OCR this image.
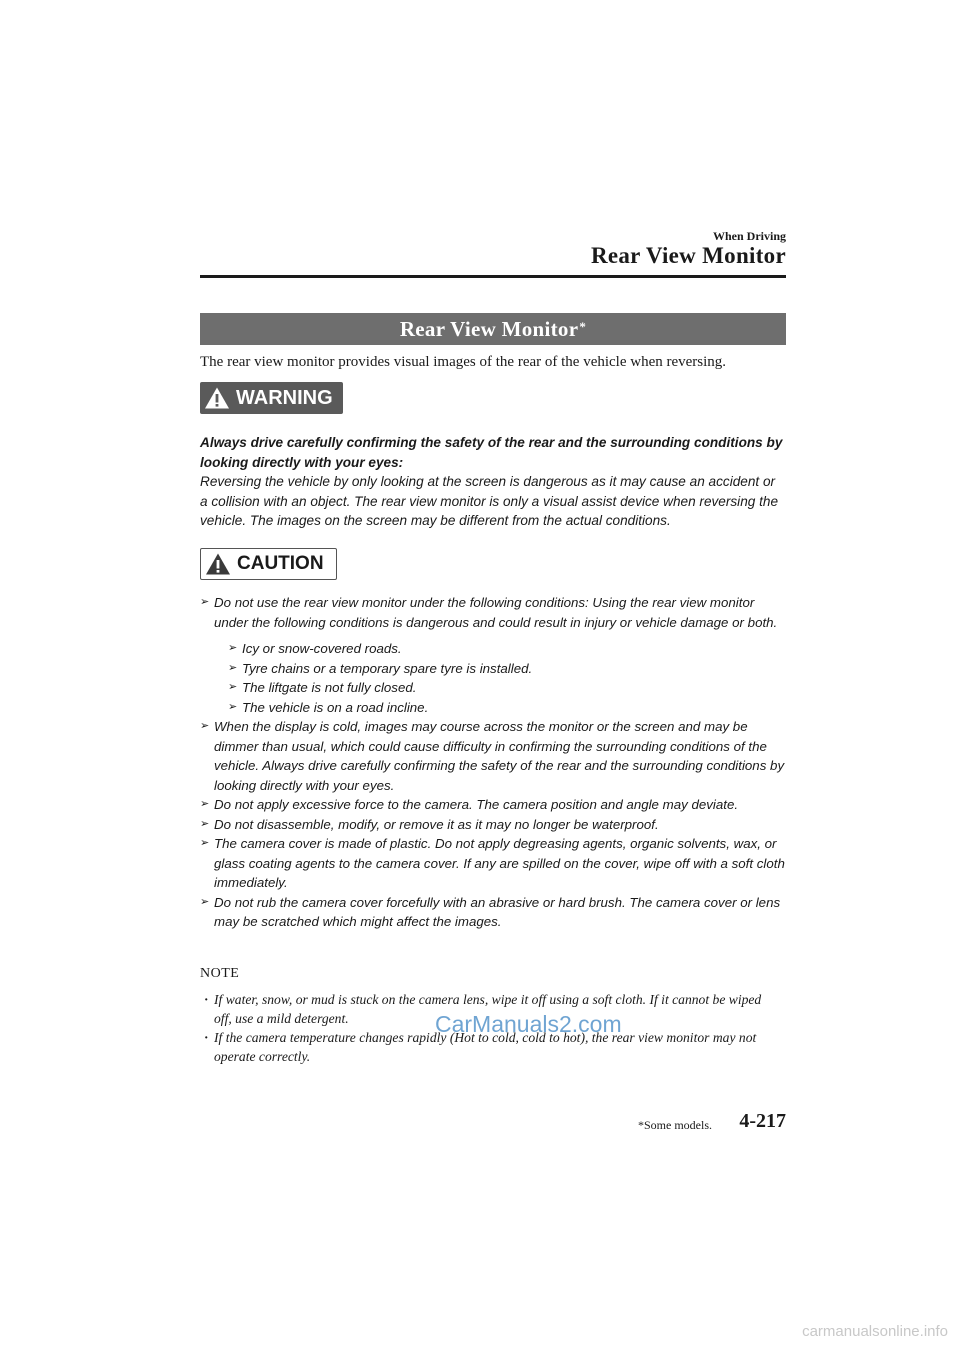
When Driving
Rear View Monitor
Rear View Monitor*
The rear view monitor provides visual images of the rear of the vehicle when reversing.
WARNING

Always drive carefully confirming the safety of the rear and the surrounding conditions by looking directly with your eyes:

Reversing the vehicle by only looking at the screen is dangerous as it may cause an accident or a collision with an object. The rear view monitor is only a visual assist device when reversing the vehicle. The images on the screen may be different from the actual conditions.

CAUTION
➢ Do not use the rear view monitor under the following conditions: Using the rear view monitor under the following conditions is dangerous and could result in injury or vehicle damage or both.
➢ Icy or snow-covered roads.
➢ Tyre chains or a temporary spare tyre is installed.
➢ The liftgate is not fully closed.
➢ The vehicle is on a road incline.
➢ When the display is cold, images may course across the monitor or the screen and may be dimmer than usual, which could cause difficulty in confirming the surrounding conditions of the vehicle. Always drive carefully confirming the safety of the rear and the surrounding conditions by looking directly with your eyes.
➢ Do not apply excessive force to the camera. The camera position and angle may deviate.
➢ Do not disassemble, modify, or remove it as it may no longer be waterproof.
➢ The camera cover is made of plastic. Do not apply degreasing agents, organic solvents, wax, or glass coating agents to the camera cover. If any are spilled on the cover, wipe off with a soft cloth immediately.
➢ Do not rub the camera cover forcefully with an abrasive or hard brush. The camera cover or lens may be scratched which might affect the images.
NOTE
· If water, snow, or mud is stuck on the camera lens, wipe it off using a soft cloth. If it cannot be wiped off, use a mild detergent.
· If the camera temperature changes rapidly (Hot to cold, cold to hot), the rear view monitor may not operate correctly.
CarManuals2.com
*Some models. 4-217
carmanualsonline.info
